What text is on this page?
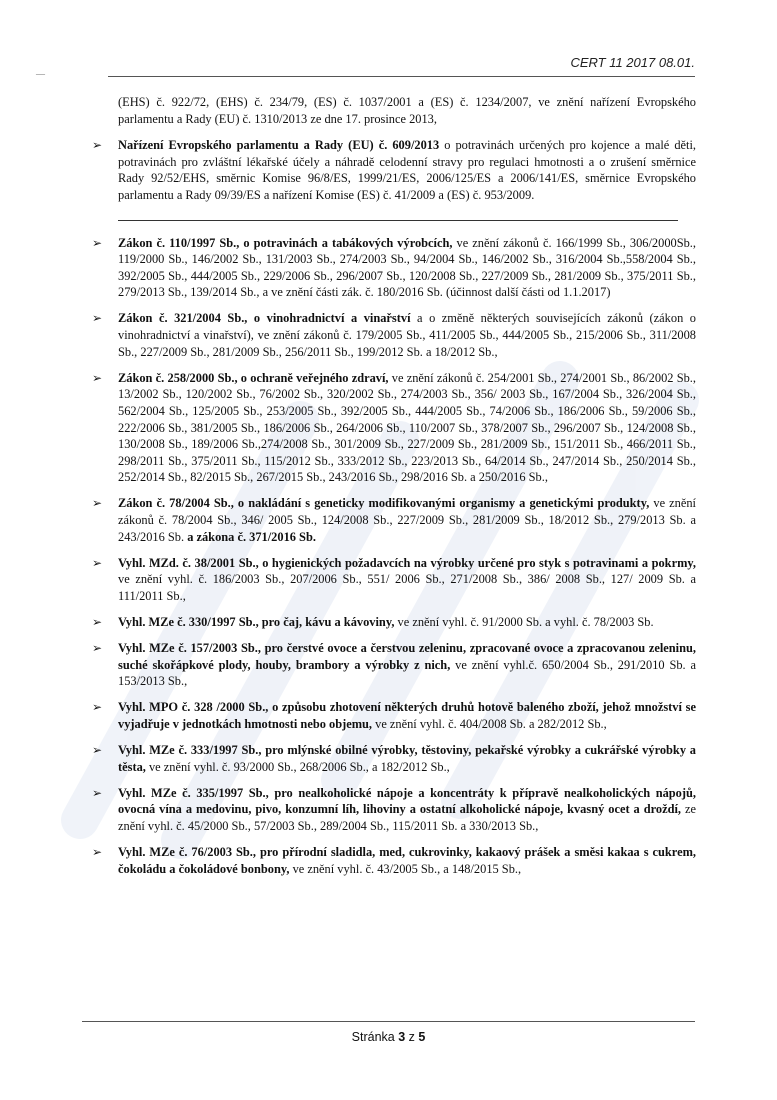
—
CERT 11 2017 08.01.

(EHS) č. 922/72, (EHS) č. 234/79, (ES) č. 1037/2001 a (ES) č. 1234/2007, ve znění nařízení Evropského parlamentu a Rady (EU) č. 1310/2013 ze dne 17. prosince 2013,

➢ Nařízení Evropského parlamentu a Rady (EU) č. 609/2013 o potravinách určených pro kojence a malé děti, potravinách pro zvláštní lékařské účely a náhradě celodenní stravy pro regulaci hmotnosti a o zrušení směrnice Rady 92/52/EHS, směrnic Komise 96/8/ES, 1999/21/ES, 2006/125/ES a 2006/141/ES, směrnice Evropského parlamentu a Rady 09/39/ES a nařízení Komise (ES) č. 41/2009 a (ES) č. 953/2009.
➢ Zákon č. 110/1997 Sb., o potravinách a tabákových výrobcích, ve znění zákonů č. 166/1999 Sb., 306/2000Sb., 119/2000 Sb., 146/2002 Sb., 131/2003 Sb., 274/2003 Sb., 94/2004 Sb., 146/2002 Sb., 316/2004 Sb.,558/2004 Sb., 392/2005 Sb., 444/2005 Sb., 229/2006 Sb., 296/2007 Sb., 120/2008 Sb., 227/2009 Sb., 281/2009 Sb., 375/2011 Sb., 279/2013 Sb., 139/2014 Sb., a ve znění části zák. č. 180/2016 Sb. (účinnost další části od 1.1.2017)
➢ Zákon č. 321/2004 Sb., o vinohradnictví a vinařství a o změně některých souvisejících zákonů (zákon o vinohradnictví a vinařství), ve znění zákonů č. 179/2005 Sb., 411/2005 Sb., 444/2005 Sb., 215/2006 Sb., 311/2008 Sb., 227/2009 Sb., 281/2009 Sb., 256/2011 Sb., 199/2012 Sb. a 18/2012 Sb.,
➢ Zákon č. 258/2000 Sb., o ochraně veřejného zdraví, ve znění zákonů č. 254/2001 Sb., 274/2001 Sb., 86/2002 Sb., 13/2002 Sb., 120/2002 Sb., 76/2002 Sb., 320/2002 Sb., 274/2003 Sb., 356/ 2003 Sb., 167/2004 Sb., 326/2004 Sb., 562/2004 Sb., 125/2005 Sb., 253/2005 Sb., 392/2005 Sb., 444/2005 Sb., 74/2006 Sb., 186/2006 Sb., 59/2006 Sb., 222/2006 Sb., 381/2005 Sb., 186/2006 Sb., 264/2006 Sb., 110/2007 Sb., 378/2007 Sb., 296/2007 Sb., 124/2008 Sb., 130/2008 Sb., 189/2006 Sb.,274/2008 Sb., 301/2009 Sb., 227/2009 Sb., 281/2009 Sb., 151/2011 Sb., 466/2011 Sb., 298/2011 Sb., 375/2011 Sb., 115/2012 Sb., 333/2012 Sb., 223/2013 Sb., 64/2014 Sb., 247/2014 Sb., 250/2014 Sb., 252/2014 Sb., 82/2015 Sb., 267/2015 Sb., 243/2016 Sb., 298/2016 Sb. a 250/2016 Sb.,
➢ Zákon č. 78/2004 Sb., o nakládání s geneticky modifikovanými organismy a genetickými produkty, ve znění zákonů č. 78/2004 Sb., 346/ 2005 Sb., 124/2008 Sb., 227/2009 Sb., 281/2009 Sb., 18/2012 Sb., 279/2013 Sb. a 243/2016 Sb. a zákona č. 371/2016 Sb.
➢ Vyhl. MZd. č. 38/2001 Sb., o hygienických požadavcích na výrobky určené pro styk s potravinami a pokrmy, ve znění vyhl. č. 186/2003 Sb., 207/2006 Sb., 551/ 2006 Sb., 271/2008 Sb., 386/ 2008 Sb., 127/ 2009 Sb. a 111/2011 Sb.,
➢ Vyhl. MZe č. 330/1997 Sb., pro čaj, kávu a kávoviny, ve znění vyhl. č. 91/2000 Sb. a vyhl. č. 78/2003 Sb.
➢ Vyhl. MZe č. 157/2003 Sb., pro čerstvé ovoce a čerstvou zeleninu, zpracované ovoce a zpracovanou zeleninu, suché skořápkové plody, houby, brambory a výrobky z nich, ve znění vyhl.č. 650/2004 Sb., 291/2010 Sb. a 153/2013 Sb.,
➢ Vyhl. MPO č. 328 /2000 Sb., o způsobu zhotovení některých druhů hotově baleného zboží, jehož množství se vyjadřuje v jednotkách hmotnosti nebo objemu, ve znění vyhl. č. 404/2008 Sb. a 282/2012 Sb.,
➢ Vyhl. MZe č. 333/1997 Sb., pro mlýnské obilné výrobky, těstoviny, pekařské výrobky a cukrářské výrobky a těsta, ve znění vyhl. č. 93/2000 Sb., 268/2006 Sb., a 182/2012 Sb.,
➢ Vyhl. MZe č. 335/1997 Sb., pro nealkoholické nápoje a koncentráty k přípravě nealkoholických nápojů, ovocná vína a medovinu, pivo, konzumní líh, lihoviny a ostatní alkoholické nápoje, kvasný ocet a droždí, ze znění vyhl. č. 45/2000 Sb., 57/2003 Sb., 289/2004 Sb., 115/2011 Sb. a 330/2013 Sb.,
➢ Vyhl. MZe č. 76/2003 Sb., pro přírodní sladidla, med, cukrovinky, kakaový prášek a směsi kakaa s cukrem, čokoládu a čokoládové bonbony, ve znění vyhl. č. 43/2005 Sb., a 148/2015 Sb.,
Stránka 3 z 5
